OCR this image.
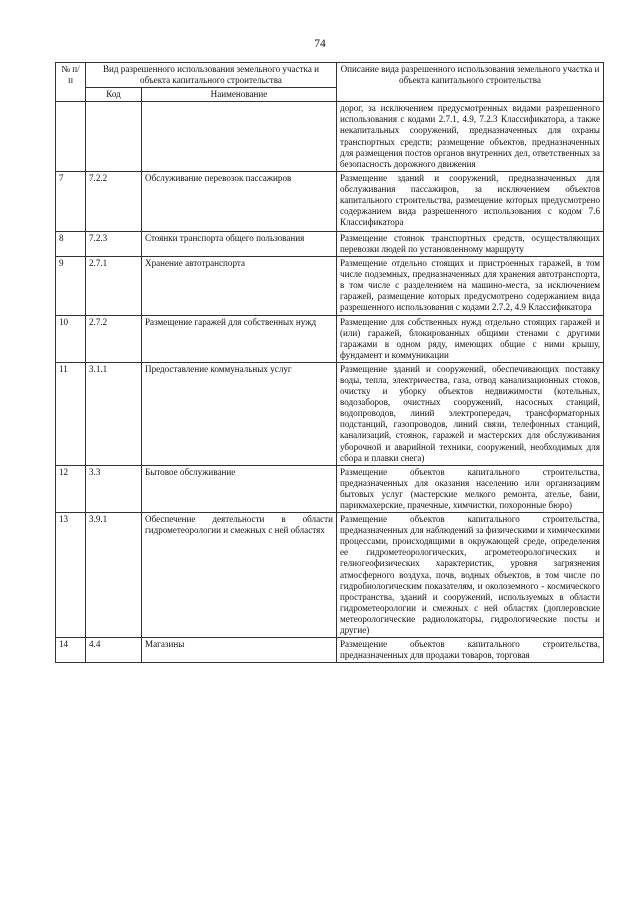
74
№ п/п	Вид разрешенного использования земельного участка и объекта капитального строительства		Описание вида разрешенного использования земельного участка и объекта капитального строительства
	Код	Наименование	
			дорог, за исключением предусмотренных видами разрешенного использования с кодами 2.7.1, 4.9, 7.2.3 Классификатора, а также некапитальных сооружений, предназначенных для охраны транспортных средств; размещение объектов, предназначенных для размещения постов органов внутренних дел, ответственных за безопасность дорожного движения
7	7.2.2	Обслуживание перевозок пассажиров	Размещение зданий и сооружений, предназначенных для обслуживания пассажиров, за исключением объектов капитального строительства, размещение которых предусмотрено содержанием вида разрешенного использования с кодом 7.6 Классификатора
8	7.2.3	Стоянки транспорта общего пользования	Размещение стоянок транспортных средств, осуществляющих перевозки людей по установленному маршруту
9	2.7.1	Хранение автотранспорта	Размещение отдельно стоящих и пристроенных гаражей, в том числе подземных, предназначенных для хранения автотранспорта, в том числе с разделением на машино-места, за исключением гаражей, размещение которых предусмотрено содержанием вида разрешенного использования с кодами 2.7.2, 4.9 Классификатора
10	2.7.2	Размещение гаражей для собственных нужд	Размещение для собственных нужд отдельно стоящих гаражей и (или) гаражей, блокированных общими стенами с другими гаражами в одном ряду, имеющих общие с ними крышу, фундамент и коммуникации
11	3.1.1	Предоставление коммунальных услуг	Размещение зданий и сооружений, обеспечивающих поставку воды, тепла, электричества, газа, отвод канализационных стоков, очистку и уборку объектов недвижимости (котельных, водозаборов, очистных сооружений, насосных станций, водопроводов, линий электропередач, трансформаторных подстанций, газопроводов, линий связи, телефонных станций, канализаций, стоянок, гаражей и мастерских для обслуживания уборочной и аварийной техники, сооружений, необходимых для сбора и плавки снега)
12	3.3	Бытовое обслуживание	Размещение объектов капитального строительства, предназначенных для оказания населению или организациям бытовых услуг (мастерские мелкого ремонта, ателье, бани, парикмахерские, прачечные, химчистки, похоронные бюро)
13	3.9.1	Обеспечение деятельности в области гидрометеорологии и смежных с ней областях	Размещение объектов капитального строительства, предназначенных для наблюдений за физическими и химическими процессами, происходящими в окружающей среде, определения ее гидрометеорологических, агрометеорологических и гелиогеофизических характеристик, уровня загрязнения атмосферного воздуха, почв, водных объектов, в том числе по гидробиологическим показателям, и околоземного - космического пространства, зданий и сооружений, используемых в области гидрометеорологии и смежных с ней областях (доплеровские метеорологические радиолокаторы, гидрологические посты и другие)
14	4.4	Магазины	Размещение объектов капитального строительства, предназначенных для продажи товаров, торговая
